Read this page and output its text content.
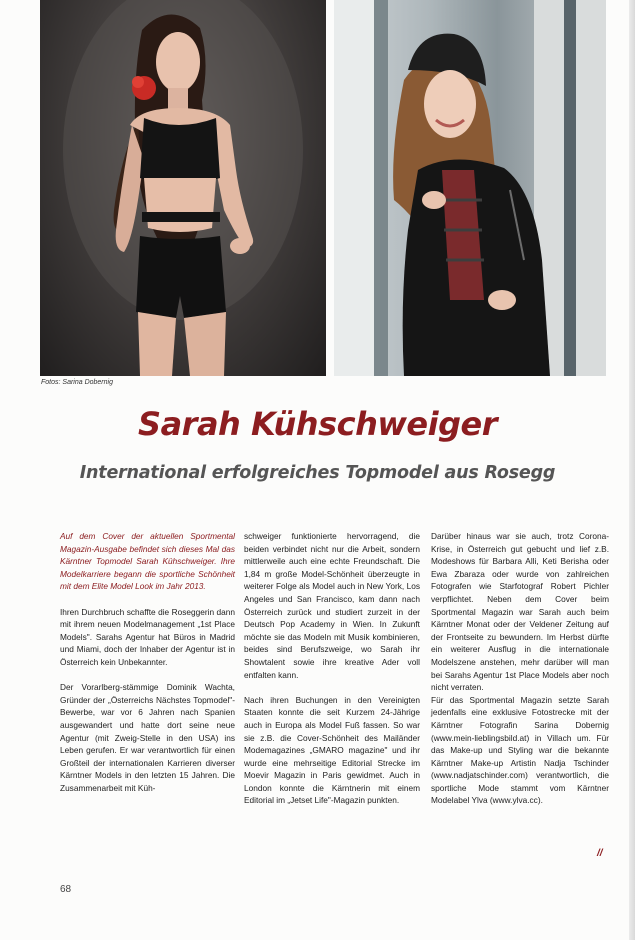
Fotos: Sarina Dobernig
Sarah Kühschweiger
International erfolgreiches Topmodel aus Rosegg

Auf dem Cover der aktuellen Sportmental Magazin-Ausgabe befindet sich dieses Mal das Kärntner Topmodel Sarah Kühschweiger. Ihre Modelkarriere begann die sportliche Schönheit mit dem Elite Model Look im Jahr 2013.

Ihren Durchbruch schaffte die Roseggerin dann mit ihrem neuen Modelmanagement „1st Place Models". Sarahs Agentur hat Büros in Madrid und Miami, doch der Inhaber der Agentur ist in Österreich kein Unbekannter.

Der Vorarlberg-stämmige Dominik Wachta, Gründer der „Österreichs Nächstes Topmodel"-Bewerbe, war vor 6 Jahren nach Spanien ausgewandert und hatte dort seine neue Agentur (mit Zweig-Stelle in den USA) ins Leben gerufen. Er war verantwortlich für einen Großteil der internationalen Karrieren diverser Kärntner Models in den letzten 15 Jahren. Die Zusammenarbeit mit Küh-

schweiger funktionierte hervorragend, die beiden verbindet nicht nur die Arbeit, sondern mittlerweile auch eine echte Freundschaft. Die 1,84 m große Model-Schönheit überzeugte in weiterer Folge als Model auch in New York, Los Angeles und San Francisco, kam dann nach Österreich zurück und studiert zurzeit in der Deutsch Pop Academy in Wien. In Zukunft möchte sie das Modeln mit Musik kombinieren, beides sind Berufszweige, wo Sarah ihr Showtalent sowie ihre kreative Ader voll entfalten kann.

Nach ihren Buchungen in den Vereinigten Staaten konnte die seit Kurzem 24-Jährige auch in Europa als Model Fuß fassen. So war sie z.B. die Cover-Schönheit des Mailänder Modemagazines „GMARO magazine" und ihr wurde eine mehrseitige Editorial Strecke im Moevir Magazin in Paris gewidmet. Auch in London konnte die Kärntnerin mit einem Editorial im „Jetset Life"-Magazin punkten.

Darüber hinaus war sie auch, trotz Corona-Krise, in Österreich gut gebucht und lief z.B. Modeshows für Barbara Alli, Keti Berisha oder Ewa Zbaraza oder wurde von zahlreichen Fotografen wie Starfotograf Robert Pichler verpflichtet. Neben dem Cover beim Sportmental Magazin war Sarah auch beim Kärntner Monat oder der Veldener Zeitung auf der Frontseite zu bewundern. Im Herbst dürfte ein weiterer Ausflug in die internationale Modelszene anstehen, mehr darüber will man bei Sarahs Agentur 1st Place Models aber noch nicht verraten.

Für das Sportmental Magazin setzte Sarah jedenfalls eine exklusive Fotostrecke mit der Kärntner Fotografin Sarina Dobernig (www.mein-lieblingsbild.at) in Villach um. Für das Make-up und Styling war die bekannte Kärntner Make-up Artistin Nadja Tschinder (www.nadjatschinder.com) verantwortlich, die sportliche Mode stammt vom Kärntner Modelabel Ylva (www.ylva.cc).

//
68
